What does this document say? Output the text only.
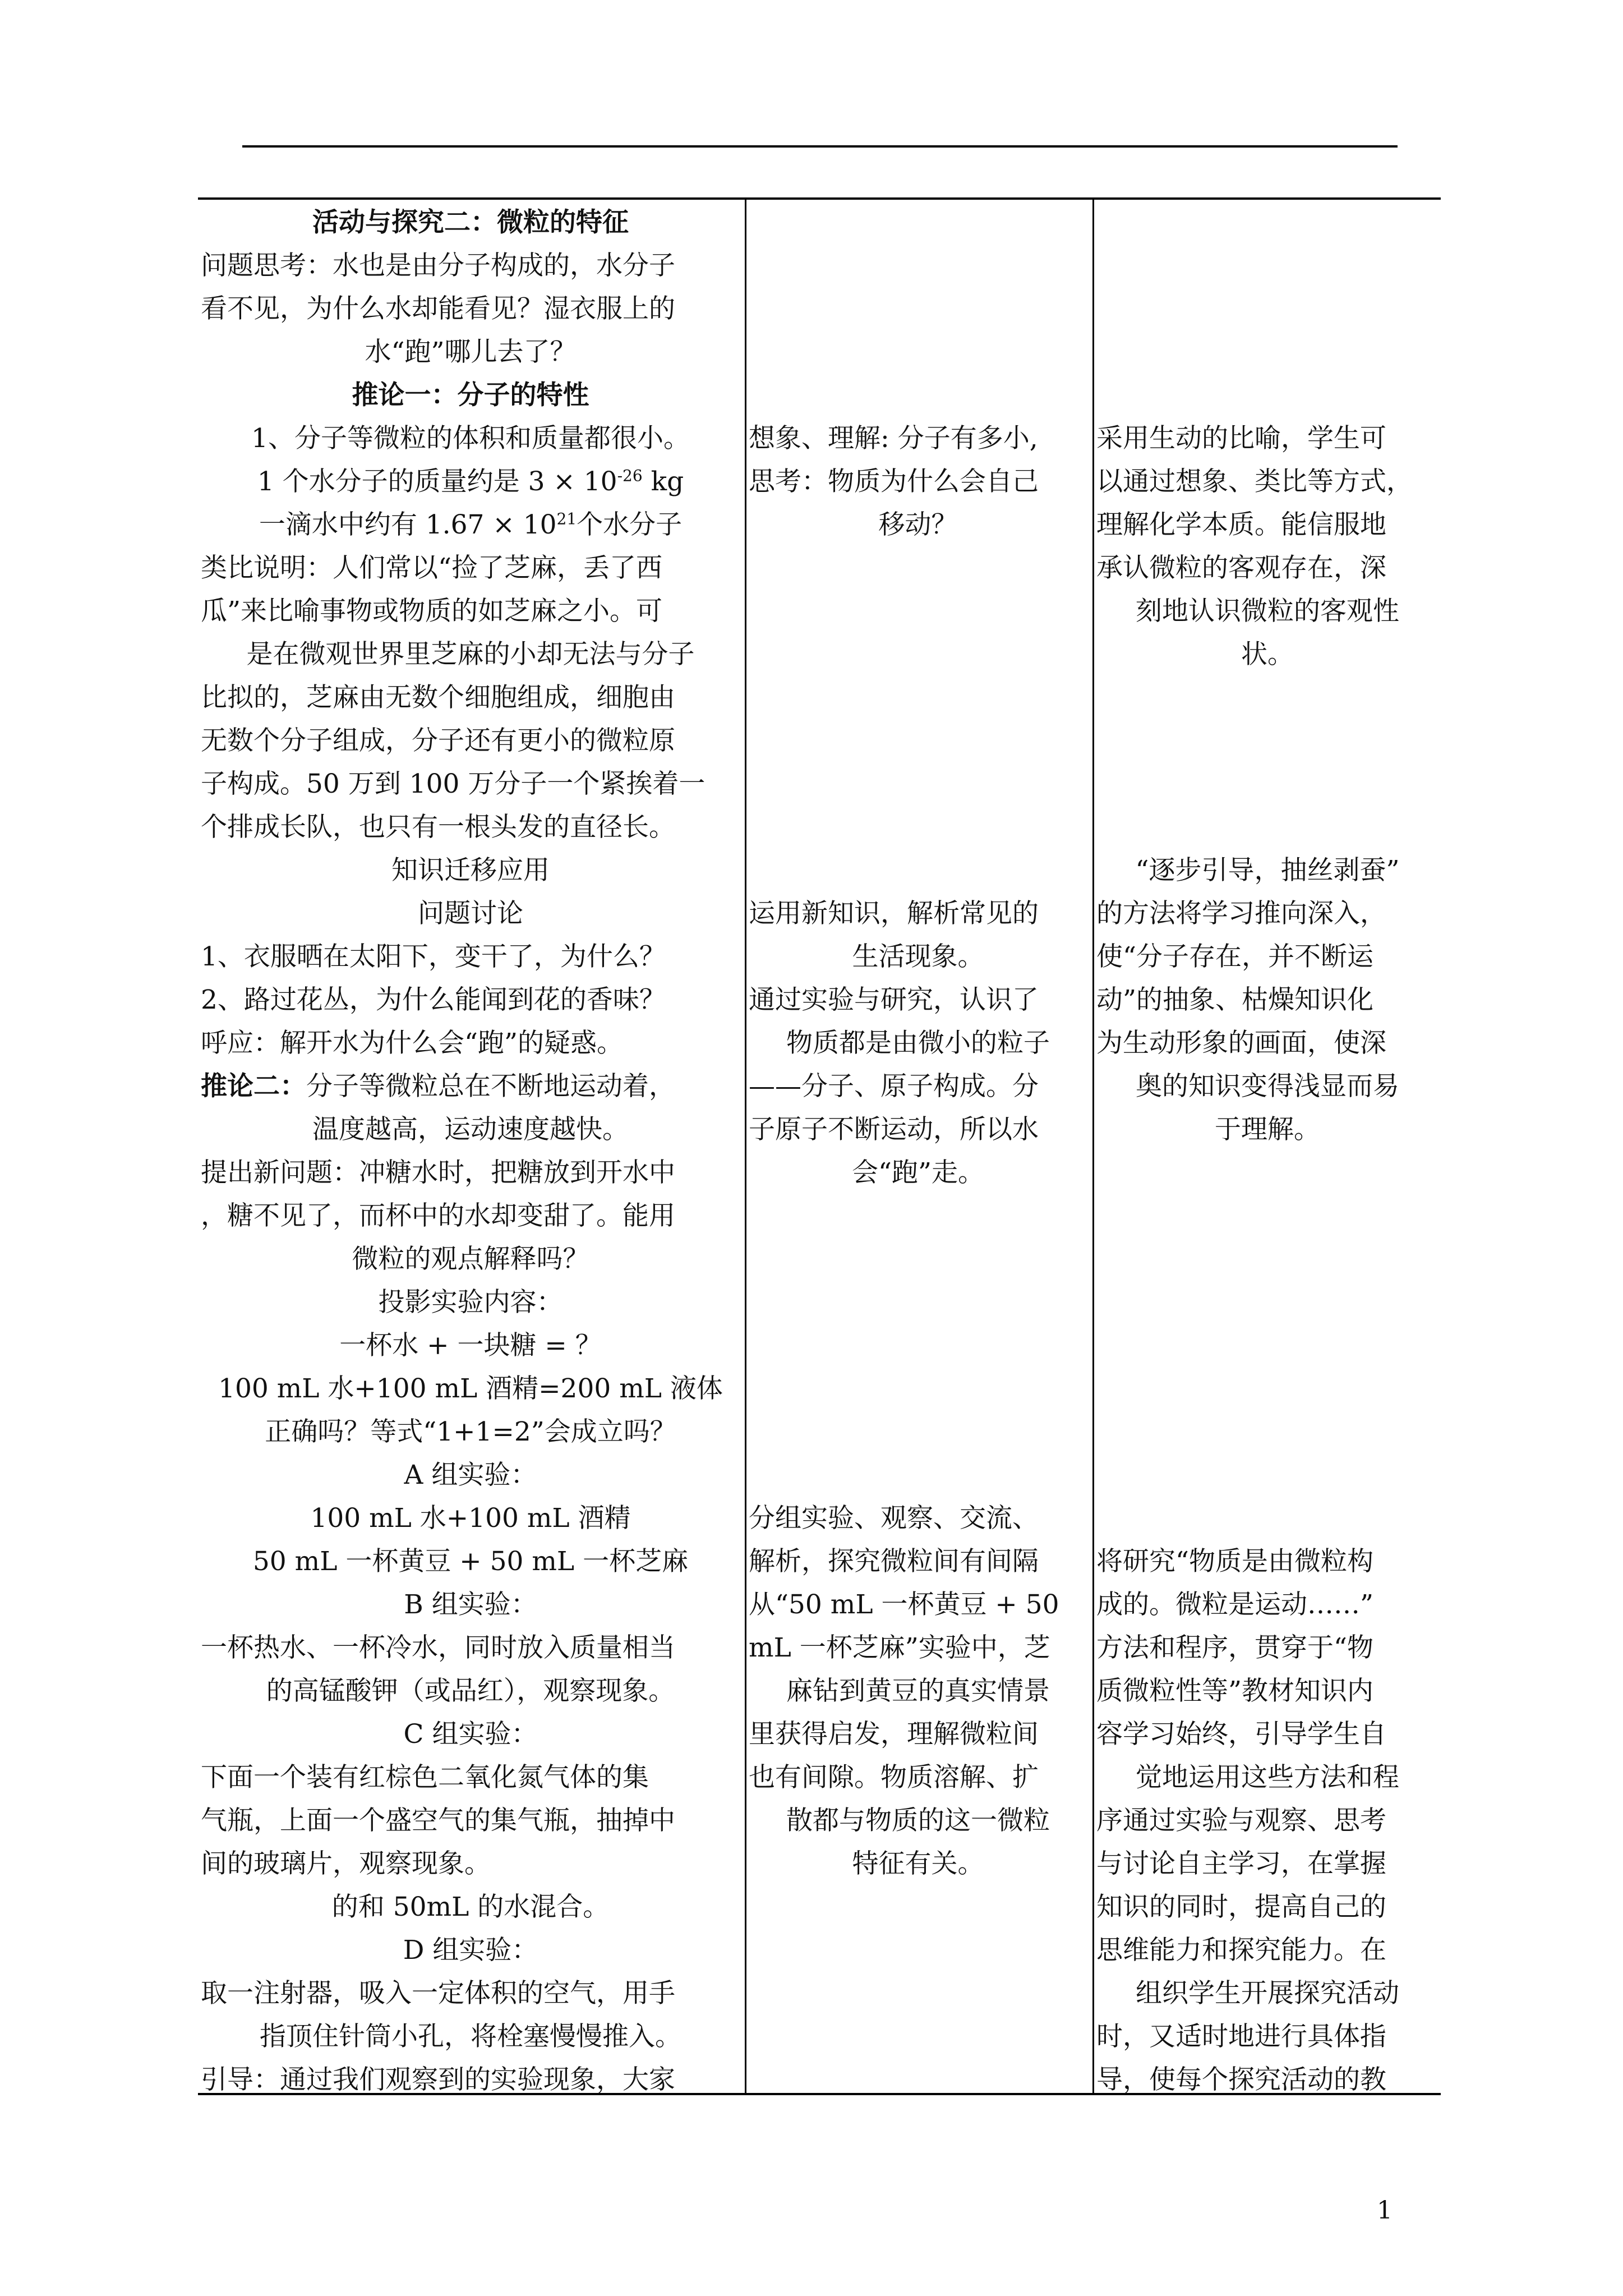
活动与探究二：微粒的特征
问题思考：水也是由分子构成的，水分子
看不见，为什么水却能看见？湿衣服上的
水“跑”哪儿去了？
推论一：分子的特性
1、分子等微粒的体积和质量都很小。
1 个水分子的质量约是 $3 \times 10^{-26}$ kg
一滴水中约有 $1.67 \times 10^{21}$个水分子
类比说明：人们常以“捡了芝麻，丢了西
瓜”来比喻事物或物质的如芝麻之小。可
是在微观世界里芝麻的小却无法与分子
比拟的，芝麻由无数个细胞组成，细胞由
无数个分子组成，分子还有更小的微粒原
子构成。50 万到 100 万分子一个紧挨着一
个排成长队，也只有一根头发的直径长。
知识迁移应用
问题讨论
1、衣服晒在太阳下，变干了，为什么？
2、路过花丛，为什么能闻到花的香味？
呼应：解开水为什么会“跑”的疑惑。
推论二：分子等微粒总在不断地运动着，
温度越高，运动速度越快。
提出新问题：冲糖水时，把糖放到开水中
，糖不见了，而杯中的水却变甜了。能用
微粒的观点解释吗？
投影实验内容：
一杯水 + 一块糖 = ？
100 mL 水+100 mL 酒精=200 mL 液体
正确吗？等式“1+1=2”会成立吗？
A 组实验：
100 mL 水+100 mL 酒精
50 mL 一杯黄豆 + 50 mL 一杯芝麻
B 组实验：
一杯热水、一杯冷水，同时放入质量相当
的高锰酸钾（或品红），观察现象。
C 组实验：
下面一个装有红棕色二氧化氮气体的集
气瓶，上面一个盛空气的集气瓶，抽掉中
间的玻璃片，观察现象。
的和 50mL 的水混合。
D 组实验：
取一注射器，吸入一定体积的空气，用手
指顶住针筒小孔，将栓塞慢慢推入。
引导：通过我们观察到的实验现象，大家
想象、理解: 分子有多小,
思考：物质为什么会自己
移动？
运用新知识，解析常见的
生活现象。
通过实验与研究，认识了
物质都是由微小的粒子
——分子、原子构成。分
子原子不断运动，所以水
会“跑”走。
分组实验、观察、交流、
解析，探究微粒间有间隔
从“50 mL 一杯黄豆 + 50
mL 一杯芝麻”实验中，芝
麻钻到黄豆的真实情景
里获得启发，理解微粒间
也有间隙。物质溶解、扩
散都与物质的这一微粒
特征有关。
采用生动的比喻，学生可
以通过想象、类比等方式，
理解化学本质。能信服地
承认微粒的客观存在，深
刻地认识微粒的客观性
状。
“逐步引导，抽丝剥蚕”
的方法将学习推向深入，
使“分子存在，并不断运
动”的抽象、枯燥知识化
为生动形象的画面，使深
奥的知识变得浅显而易
于理解。
将研究“物质是由微粒构
成的。微粒是运动……”
方法和程序，贯穿于“物
质微粒性等”教材知识内
容学习始终，引导学生自
觉地运用这些方法和程
序通过实验与观察、思考
与讨论自主学习，在掌握
知识的同时，提高自己的
思维能力和探究能力。在
组织学生开展探究活动
时，又适时地进行具体指
导，使每个探究活动的教
1
